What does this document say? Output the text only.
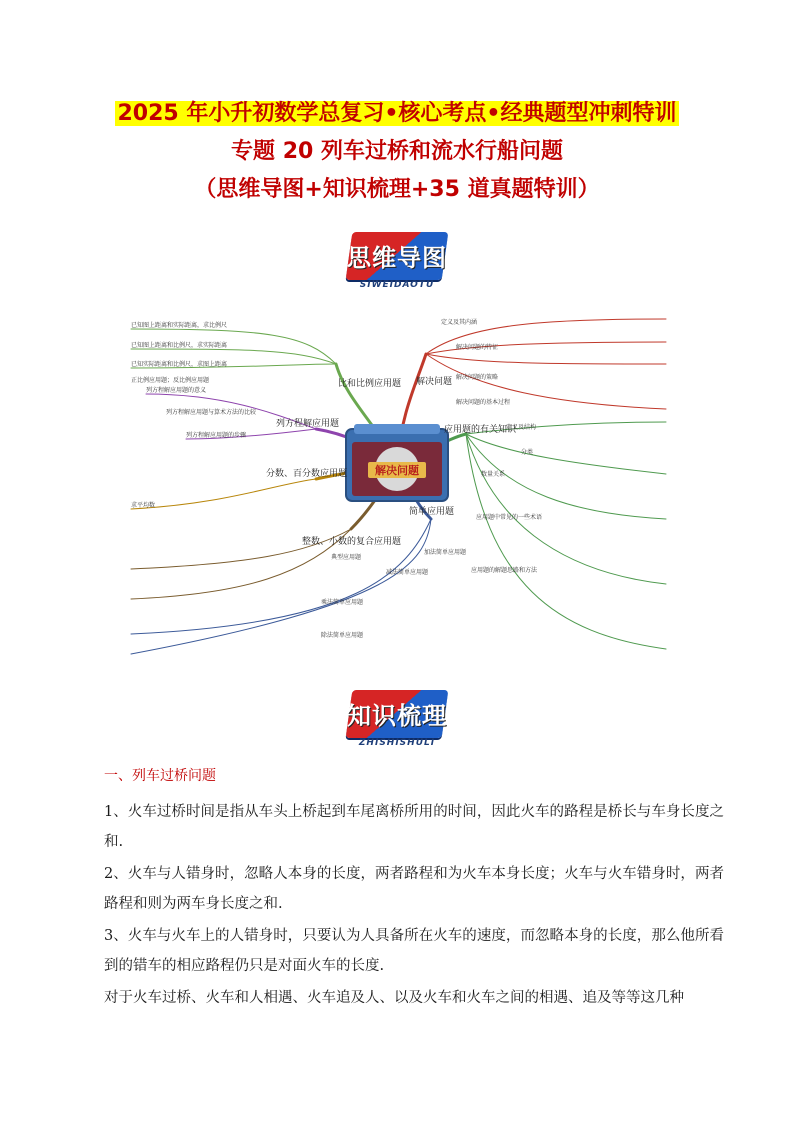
2025 年小升初数学总复习•核心考点•经典题型冲刺特训
专题 20 列车过桥和流水行船问题
（思维导图+知识梳理+35 道真题特训）
思维导图
SIWEIDAOTU
解决问题
比和比例应用题 解决问题
应用题的有关知识
列方程解应用题
分数、百分数应用题
整数、小数的复合应用题
简单应用题
已知图上距离和实际距离，求比例尺
已知图上距离和比例尺，求实际距离
已知实际距离和比例尺，求图上距离
正比例应用题；反比例应用题
列方程解应用题的意义
列方程解应用题与算术方法的比较
列方程解应用题的步骤
定义及其内涵
解决问题的特征
解决问题的策略
解决问题的基本过程
定义及结构
分类
数量关系
应用题中常见的一些术语
应用题的解题思路和方法
求平均数
典型应用题
乘法简单应用题
除法简单应用题
加法简单应用题
减法简单应用题
知识梳理
ZHISHISHULI
一、列车过桥问题

1、火车过桥时间是指从车头上桥起到车尾离桥所用的时间，因此火车的路程是桥长与车身长度之和.

2、火车与人错身时，忽略人本身的长度，两者路程和为火车本身长度；火车与火车错身时，两者路程和则为两车身长度之和.

3、火车与火车上的人错身时，只要认为人具备所在火车的速度，而忽略本身的长度，那么他所看到的错车的相应路程仍只是对面火车的长度.

对于火车过桥、火车和人相遇、火车追及人、以及火车和火车之间的相遇、追及等等这几种
